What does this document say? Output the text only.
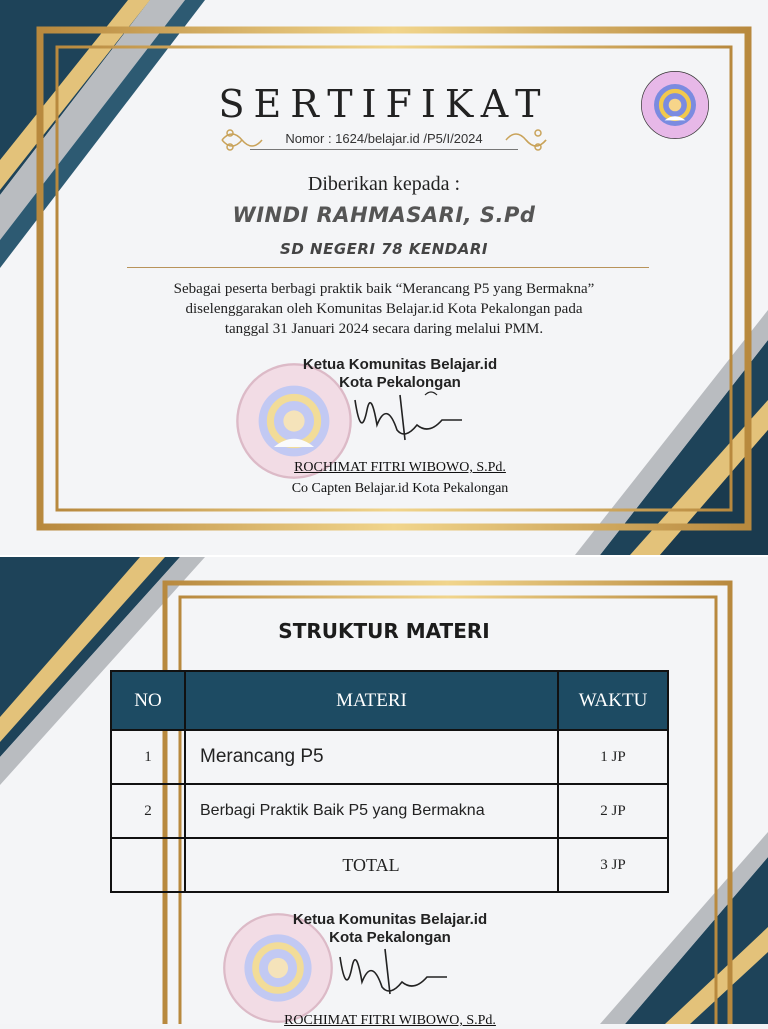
SERTIFIKAT
Nomor : 1624/belajar.id /P5/I/2024
Diberikan kepada :
WINDI RAHMASARI, S.Pd
SD NEGERI 78 KENDARI
Sebagai peserta berbagi praktik baik “Merancang P5 yang Bermakna”
diselenggarakan oleh Komunitas Belajar.id Kota Pekalongan pada
tanggal 31 Januari 2024 secara daring melalui PMM.
Ketua Komunitas Belajar.id
Kota Pekalongan
ROCHIMAT FITRI WIBOWO, S.Pd.
Co Capten Belajar.id Kota Pekalongan
STRUKTUR MATERI
NO	MATERI	WAKTU
1	Merancang P5	1 JP
2	Berbagi Praktik Baik P5 yang Bermakna	2 JP
	TOTAL	3 JP
Ketua Komunitas Belajar.id
Kota Pekalongan
ROCHIMAT FITRI WIBOWO, S.Pd.
